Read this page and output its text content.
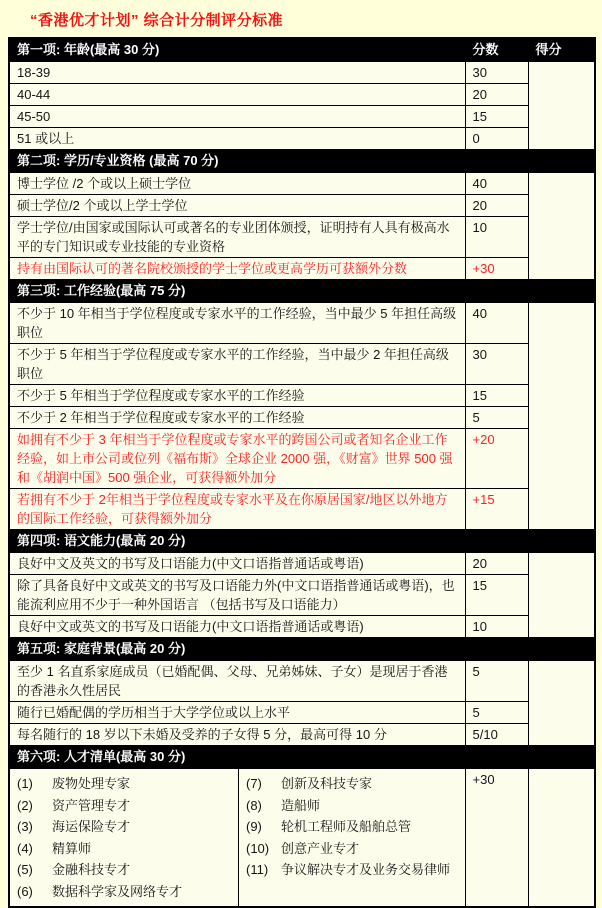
“香港优才计划” 综合计分制评分标准
第一项: 年龄(最高 30 分)	分数	得分
18-39	30	
40-44	20	
45-50	15	
51 或以上	0	
第二项: 学历/专业资格 (最高 70 分)		
博士学位 /2 个或以上硕士学位	40	
硕士学位/2 个或以上学士学位	20	
学士学位/由国家或国际认可或著名的专业团体颁授，证明持有人具有极高水平的专门知识或专业技能的专业资格	10	
持有由国际认可的著名院校颁授的学士学位或更高学历可获额外分数	+30	
第三项: 工作经验(最高 75 分)		
不少于 10 年相当于学位程度或专家水平的工作经验，当中最少 5 年担任高级职位	40	
不少于 5 年相当于学位程度或专家水平的工作经验，当中最少 2 年担任高级职位	30	
不少于 5 年相当于学位程度或专家水平的工作经验	15	
不少于 2 年相当于学位程度或专家水平的工作经验	5	
如拥有不少于 3 年相当于学位程度或专家水平的跨国公司或者知名企业工作经验，如上市公司或位列《福布斯》全球企业 2000 强，《财富》世界 500 强和《胡润中国》500 强企业，可获得额外加分	+20	
若拥有不少于 2年相当于学位程度或专家水平及在你原居国家/地区以外地方的国际工作经验，可获得额外加分	+15	
第四项: 语文能力(最高 20 分)		
良好中文及英文的书写及口语能力(中文口语指普通话或粤语)	20	
除了具备良好中文或英文的书写及口语能力外(中文口语指普通话或粤语)，也能流利应用不少于一种外国语言 （包括书写及口语能力）	15	
良好中文或英文的书写及口语能力(中文口语指普通话或粤语)	10	
第五项: 家庭背景(最高 20 分)		
至少 1 名直系家庭成员（已婚配偶、父母、兄弟姊妹、子女）是现居于香港的香港永久性居民	5	
随行已婚配偶的学历相当于大学学位或以上水平	5	
每名随行的 18 岁以下未婚及受养的子女得 5 分，最高可得 10 分	5/10	
第六项: 人才清单(最高 30 分)		

(1) 废物处理专家
(2) 资产管理专才
(3) 海运保险专才
(4) 精算师
(5) 金融科技专才
(6) 数据科学家及网络专才
(7) 创新及科技专家
(8) 造船师
(9) 轮机工程师及船舶总管
(10) 创意产业专才
(11) 争议解决专才及业务交易律师
	+30	
